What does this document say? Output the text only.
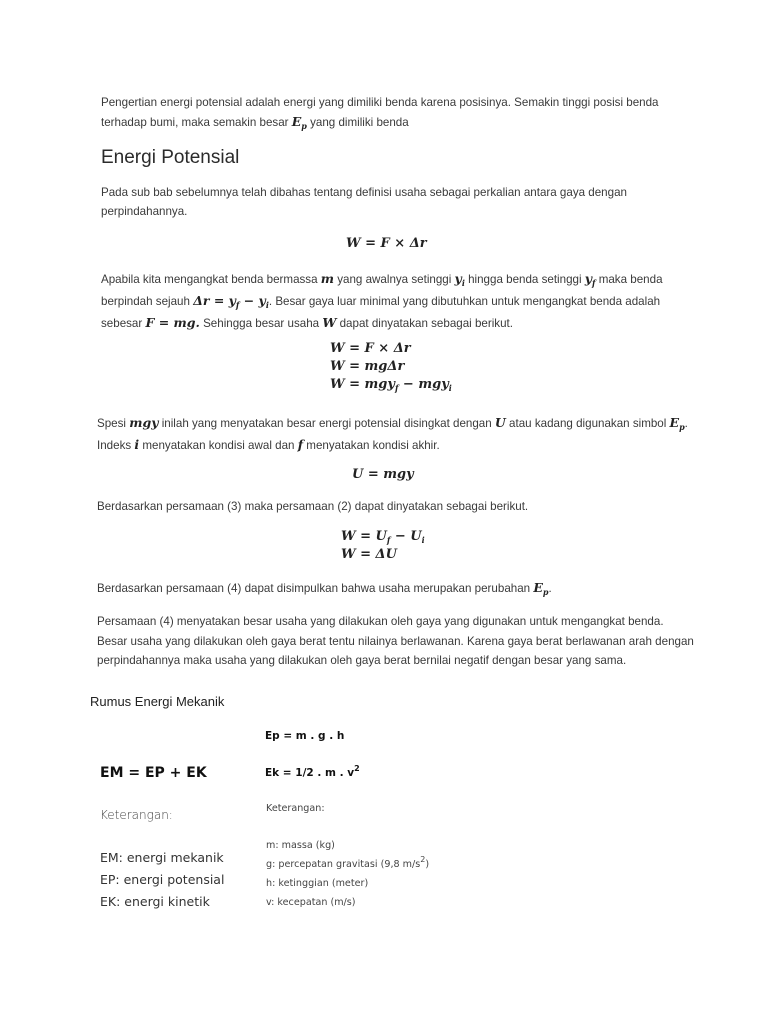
Pengertian energi potensial adalah energi yang dimiliki benda karena posisinya. Semakin tinggi posisi benda
terhadap bumi, maka semakin besar $E_p$ yang dimiliki benda

Energi Potensial

Pada sub bab sebelumnya telah dibahas tentang definisi usaha sebagai perkalian antara gaya dengan
perpindahannya.

W = F × Δr

Apabila kita mengangkat benda bermassa m yang awalnya setinggi $y_i$ hingga benda setinggi $y_f$ maka benda
berpindah sejauh $\Delta r = y_f - y_i$. Besar gaya luar minimal yang dibutuhkan untuk mengangkat benda adalah
sebesar F = mg. Sehingga besar usaha W dapat dinyatakan sebagai berikut.

W = F × Δr
W = mgΔr
W = mgy$_f$ − mgy$_i$

Spesi mgy inilah yang menyatakan besar energi potensial disingkat dengan U atau kadang digunakan simbol $E_p$.
Indeks i menyatakan kondisi awal dan f menyatakan kondisi akhir.

U = mgy

Berdasarkan persamaan (3) maka persamaan (2) dapat dinyatakan sebagai berikut.

$W = U_f - U_i$
W = ΔU

Berdasarkan persamaan (4) dapat disimpulkan bahwa usaha merupakan perubahan $E_p$.

Persamaan (4) menyatakan besar usaha yang dilakukan oleh gaya yang digunakan untuk mengangkat benda.
Besar usaha yang dilakukan oleh gaya berat tentu nilainya berlawanan. Karena gaya berat berlawanan arah dengan
perpindahannya maka usaha yang dilakukan oleh gaya berat bernilai negatif dengan besar yang sama.

Rumus Energi Mekanik
Ep = m . g . h
EM = EP + EK	Ek = 1/2 . m . $v^2$
Keterangan:	Keterangan:
EM: energi mekanik
EP: energi potensial
EK: energi kinetik
m: massa (kg)
g: percepatan gravitasi (9,8 $m/s^2$)
h: ketinggian (meter)
v: kecepatan (m/s)
